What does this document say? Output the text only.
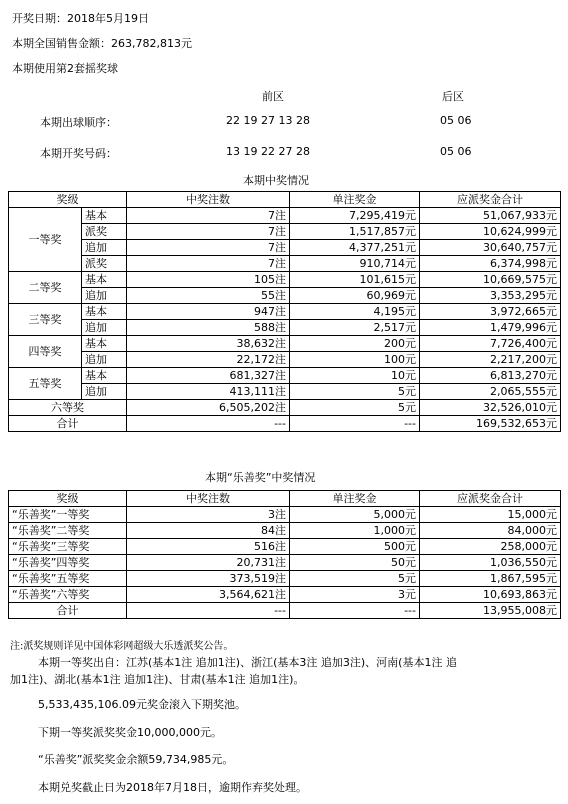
开奖日期：2018年5月19日
本期全国销售金额：263,782,813元
本期使用第2套摇奖球
前区	后区
本期出球顺序：	22 19 27 13 28	05 06
本期开奖号码：	13 19 22 27 28	05 06
本期中奖情况
奖级		中奖注数	单注奖金	应派奖金合计
一等奖	基本	7注	7,295,419元	51,067,933元
	派奖	7注	1,517,857元	10,624,999元
	追加	7注	4,377,251元	30,640,757元
	派奖	7注	910,714元	6,374,998元
二等奖	基本	105注	101,615元	10,669,575元
	追加	55注	60,969元	3,353,295元
三等奖	基本	947注	4,195元	3,972,665元
	追加	588注	2,517元	1,479,996元
四等奖	基本	38,632注	200元	7,726,400元
	追加	22,172注	100元	2,217,200元
五等奖	基本	681,327注	10元	6,813,270元
	追加	413,111注	5元	2,065,555元
六等奖		6,505,202注	5元	32,526,010元
合计		---	---	169,532,653元
本期“乐善奖”中奖情况
奖级	中奖注数	单注奖金	应派奖金合计
“乐善奖”一等奖	3注	5,000元	15,000元
“乐善奖”二等奖	84注	1,000元	84,000元
“乐善奖”三等奖	516注	500元	258,000元
“乐善奖”四等奖	20,731注	50元	1,036,550元
“乐善奖”五等奖	373,519注	5元	1,867,595元
“乐善奖”六等奖	3,564,621注	3元	10,693,863元
合计	---	---	13,955,008元
注:派奖规则详见中国体彩网超级大乐透派奖公告。
本期一等奖出自：江苏(基本1注 追加1注)、浙江(基本3注 追加3注)、河南(基本1注 追
加1注)、湖北(基本1注 追加1注)、甘肃(基本1注 追加1注)。
5,533,435,106.09元奖金滚入下期奖池。
下期一等奖派奖奖金10,000,000元。
“乐善奖”派奖奖金余额59,734,985元。
本期兑奖截止日为2018年7月18日，逾期作弃奖处理。
